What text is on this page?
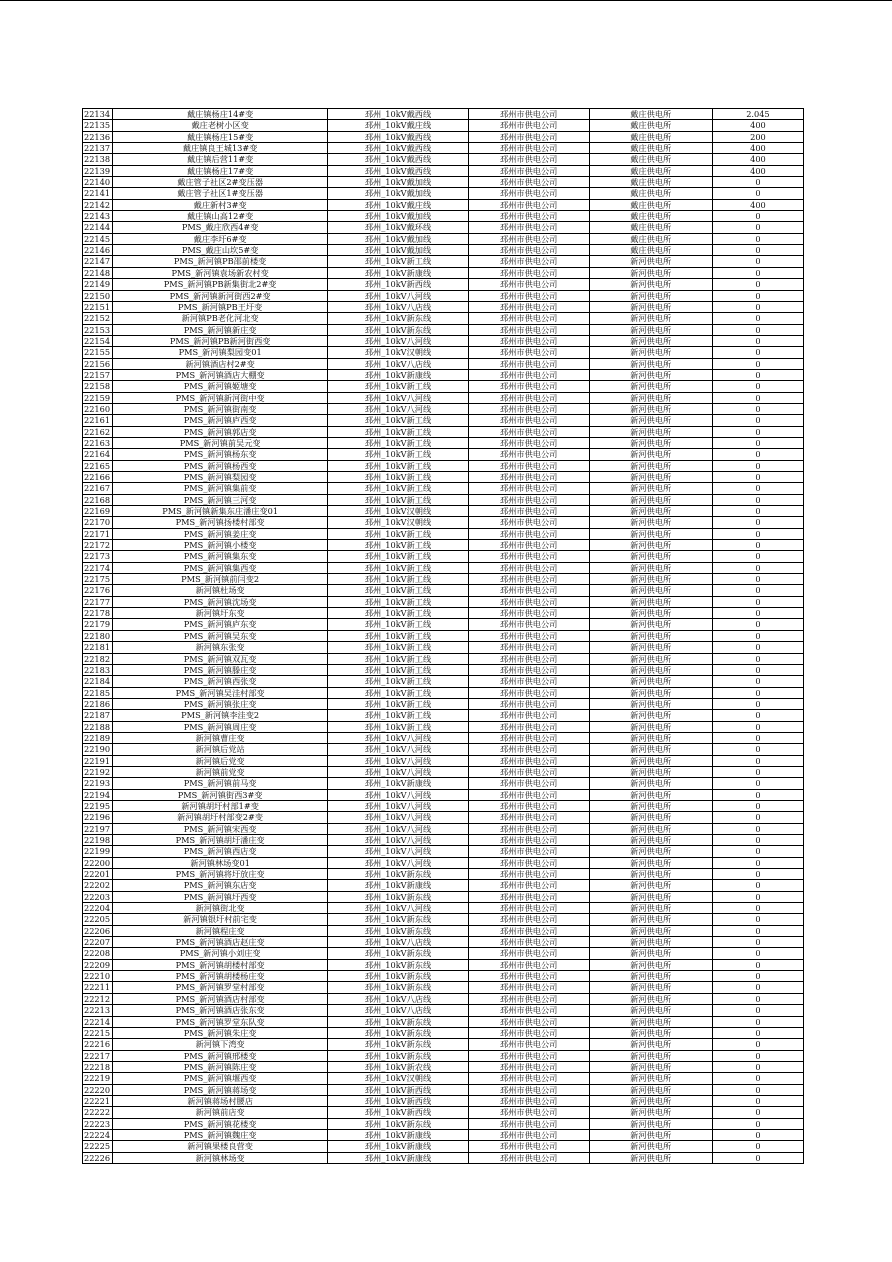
22134	戴庄镇杨庄14#变	邳州_10kV戴西线	邳州市供电公司	戴庄供电所	2.045
22135	戴庄老树小区变	邳州_10kV戴庄线	邳州市供电公司	戴庄供电所	400
22136	戴庄镇杨庄15#变	邳州_10kV戴西线	邳州市供电公司	戴庄供电所	200
22137	戴庄镇良王城13#变	邳州_10kV戴西线	邳州市供电公司	戴庄供电所	400
22138	戴庄镇后营11#变	邳州_10kV戴西线	邳州市供电公司	戴庄供电所	400
22139	戴庄镇杨庄17#变	邳州_10kV戴西线	邳州市供电公司	戴庄供电所	400
22140	戴庄管子社区2#变压器	邳州_10kV戴加线	邳州市供电公司	戴庄供电所	0
22141	戴庄管子社区1#变压器	邳州_10kV戴加线	邳州市供电公司	戴庄供电所	0
22142	戴庄新村3#变	邳州_10kV戴庄线	邳州市供电公司	戴庄供电所	400
22143	戴庄镇山高12#变	邳州_10kV戴加线	邳州市供电公司	戴庄供电所	0
22144	PMS_戴庄欣西4#变	邳州_10kV戴环线	邳州市供电公司	戴庄供电所	0
22145	戴庄李圩6#变	邳州_10kV戴加线	邳州市供电公司	戴庄供电所	0
22146	PMS_戴庄山坎5#变	邳州_10kV戴加线	邳州市供电公司	戴庄供电所	0
22147	PMS_新河镇PB邵前楼变	邳州_10kV新工线	邳州市供电公司	新河供电所	0
22148	PMS_新河镇袁场新农村变	邳州_10kV新康线	邳州市供电公司	新河供电所	0
22149	PMS_新河镇PB新集街北2#变	邳州_10kV新西线	邳州市供电公司	新河供电所	0
22150	PMS_新河镇新河街西2#变	邳州_10kV八河线	邳州市供电公司	新河供电所	0
22151	PMS_新河镇PB王圩变	邳州_10kV八店线	邳州市供电公司	新河供电所	0
22152	新河镇PB老化河北变	邳州_10kV新东线	邳州市供电公司	新河供电所	0
22153	PMS_新河镇新庄变	邳州_10kV新东线	邳州市供电公司	新河供电所	0
22154	PMS_新河镇PB新河街西变	邳州_10kV八河线	邳州市供电公司	新河供电所	0
22155	PMS_新河镇梨园变01	邳州_10kV汉朝线	邳州市供电公司	新河供电所	0
22156	新河镇酒店村2#变	邳州_10kV八店线	邳州市供电公司	新河供电所	0
22157	PMS_新河镇酒店大棚变	邳州_10kV新康线	邳州市供电公司	新河供电所	0
22158	PMS_新河镇姬塘变	邳州_10kV新工线	邳州市供电公司	新河供电所	0
22159	PMS_新河镇新河街中变	邳州_10kV八河线	邳州市供电公司	新河供电所	0
22160	PMS_新河镇街南变	邳州_10kV八河线	邳州市供电公司	新河供电所	0
22161	PMS_新河镇庐西变	邳州_10kV新工线	邳州市供电公司	新河供电所	0
22162	PMS_新河镇郭店变	邳州_10kV新工线	邳州市供电公司	新河供电所	0
22163	PMS_新河镇前吴元变	邳州_10kV新工线	邳州市供电公司	新河供电所	0
22164	PMS_新河镇杨东变	邳州_10kV新工线	邳州市供电公司	新河供电所	0
22165	PMS_新河镇杨西变	邳州_10kV新工线	邳州市供电公司	新河供电所	0
22166	PMS_新河镇梨园变	邳州_10kV新工线	邳州市供电公司	新河供电所	0
22167	PMS_新河镇集前变	邳州_10kV新工线	邳州市供电公司	新河供电所	0
22168	PMS_新河镇三河变	邳州_10kV新工线	邳州市供电公司	新河供电所	0
22169	PMS_新河镇新集东庄潘庄变01	邳州_10kV汉朝线	邳州市供电公司	新河供电所	0
22170	PMS_新河镇扬楼村部变	邳州_10kV汉朝线	邳州市供电公司	新河供电所	0
22171	PMS_新河镇姜庄变	邳州_10kV新工线	邳州市供电公司	新河供电所	0
22172	PMS_新河镇小楼变	邳州_10kV新工线	邳州市供电公司	新河供电所	0
22173	PMS_新河镇集东变	邳州_10kV新工线	邳州市供电公司	新河供电所	0
22174	PMS_新河镇集西变	邳州_10kV新工线	邳州市供电公司	新河供电所	0
22175	PMS_新河镇前闫变2	邳州_10kV新工线	邳州市供电公司	新河供电所	0
22176	新河镇杜场变	邳州_10kV新工线	邳州市供电公司	新河供电所	0
22177	PMS_新河镇沈场变	邳州_10kV新工线	邳州市供电公司	新河供电所	0
22178	新河镇圩东变	邳州_10kV新工线	邳州市供电公司	新河供电所	0
22179	PMS_新河镇庐东变	邳州_10kV新工线	邳州市供电公司	新河供电所	0
22180	PMS_新河镇吴东变	邳州_10kV新工线	邳州市供电公司	新河供电所	0
22181	新河镇东张变	邳州_10kV新工线	邳州市供电公司	新河供电所	0
22182	PMS_新河镇双瓦变	邳州_10kV新工线	邳州市供电公司	新河供电所	0
22183	PMS_新河镇滕庄变	邳州_10kV新工线	邳州市供电公司	新河供电所	0
22184	PMS_新河镇西张变	邳州_10kV新工线	邳州市供电公司	新河供电所	0
22185	PMS_新河镇吴洼村部变	邳州_10kV新工线	邳州市供电公司	新河供电所	0
22186	PMS_新河镇张庄变	邳州_10kV新工线	邳州市供电公司	新河供电所	0
22187	PMS_新河镇李洼变2	邳州_10kV新工线	邳州市供电公司	新河供电所	0
22188	PMS_新河镇周庄变	邳州_10kV新工线	邳州市供电公司	新河供电所	0
22189	新河镇曹庄变	邳州_10kV八河线	邳州市供电公司	新河供电所	0
22190	新河镇后党站	邳州_10kV八河线	邳州市供电公司	新河供电所	0
22191	新河镇后党变	邳州_10kV八河线	邳州市供电公司	新河供电所	0
22192	新河镇前党变	邳州_10kV八河线	邳州市供电公司	新河供电所	0
22193	PMS_新河镇前马变	邳州_10kV新康线	邳州市供电公司	新河供电所	0
22194	PMS_新河镇街西3#变	邳州_10kV八河线	邳州市供电公司	新河供电所	0
22195	新河镇胡圩村部1#变	邳州_10kV八河线	邳州市供电公司	新河供电所	0
22196	新河镇胡圩村部变2#变	邳州_10kV八河线	邳州市供电公司	新河供电所	0
22197	PMS_新河镇宋西变	邳州_10kV八河线	邳州市供电公司	新河供电所	0
22198	PMS_新河镇胡圩潘庄变	邳州_10kV八河线	邳州市供电公司	新河供电所	0
22199	PMS_新河镇西店变	邳州_10kV八河线	邳州市供电公司	新河供电所	0
22200	新河镇林场变01	邳州_10kV八河线	邳州市供电公司	新河供电所	0
22201	PMS_新河镇将圩放庄变	邳州_10kV新东线	邳州市供电公司	新河供电所	0
22202	PMS_新河镇东店变	邳州_10kV新康线	邳州市供电公司	新河供电所	0
22203	PMS_新河镇圩西变	邳州_10kV新东线	邳州市供电公司	新河供电所	0
22204	新河镇街北变	邳州_10kV八河线	邳州市供电公司	新河供电所	0
22205	新河镇银圩村前宅变	邳州_10kV新东线	邳州市供电公司	新河供电所	0
22206	新河镇程庄变	邳州_10kV新东线	邳州市供电公司	新河供电所	0
22207	PMS_新河镇酒店赵庄变	邳州_10kV八店线	邳州市供电公司	新河供电所	0
22208	PMS_新河镇小刘庄变	邳州_10kV新东线	邳州市供电公司	新河供电所	0
22209	PMS_新河镇胡楼村部变	邳州_10kV新东线	邳州市供电公司	新河供电所	0
22210	PMS_新河镇胡楼杨庄变	邳州_10kV新东线	邳州市供电公司	新河供电所	0
22211	PMS_新河镇罗堂村部变	邳州_10kV新东线	邳州市供电公司	新河供电所	0
22212	PMS_新河镇酒店村部变	邳州_10kV八店线	邳州市供电公司	新河供电所	0
22213	PMS_新河镇酒店张东变	邳州_10kV八店线	邳州市供电公司	新河供电所	0
22214	PMS_新河镇罗堂东队变	邳州_10kV新东线	邳州市供电公司	新河供电所	0
22215	PMS_新河镇朱庄变	邳州_10kV新东线	邳州市供电公司	新河供电所	0
22216	新河镇下湾变	邳州_10kV新东线	邳州市供电公司	新河供电所	0
22217	PMS_新河镇邢楼变	邳州_10kV新东线	邳州市供电公司	新河供电所	0
22218	PMS_新河镇陈庄变	邳州_10kV新农线	邳州市供电公司	新河供电所	0
22219	PMS_新河镇堰西变	邳州_10kV汉朝线	邳州市供电公司	新河供电所	0
22220	PMS_新河镇蒋场变	邳州_10kV新西线	邳州市供电公司	新河供电所	0
22221	新河镇蒋场村腰店	邳州_10kV新西线	邳州市供电公司	新河供电所	0
22222	新河镇前店变	邳州_10kV新西线	邳州市供电公司	新河供电所	0
22223	PMS_新河镇花楼变	邳州_10kV新东线	邳州市供电公司	新河供电所	0
22224	PMS_新河镇魏庄变	邳州_10kV新康线	邳州市供电公司	新河供电所	0
22225	新河镇果楼良营变	邳州_10kV新康线	邳州市供电公司	新河供电所	0
22226	新河镇林场变	邳州_10kV新康线	邳州市供电公司	新河供电所	0
